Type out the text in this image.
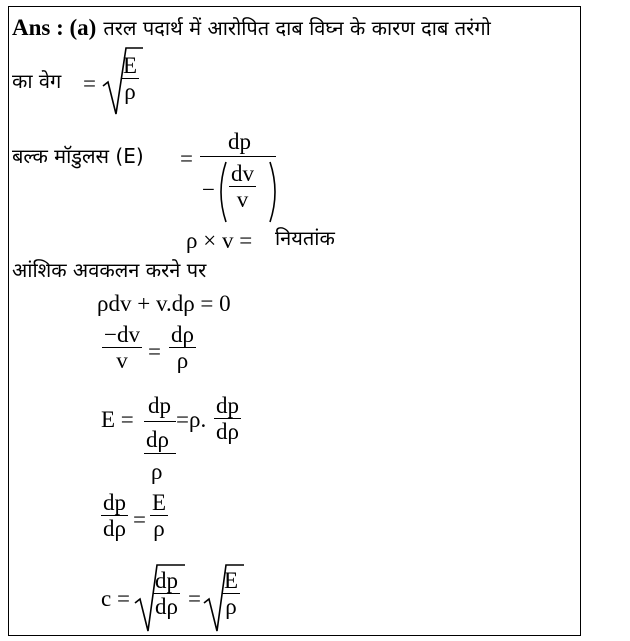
Ans : (a) तरल पदार्थ में आरोपित दाब विघ्न के कारण दाब तरंगो
का वेग =
E
ρ
बल्क मॉडुलस (E) =
dp
−
dv
v
ρ × v = नियतांक
आंशिक अवकलन करने पर
ρdv + v.dρ = 0
−dv
v =
dρ
ρ
E =
dp
dρ
ρ
=ρ.
dp
dρ
dp
dρ =
E
ρ
c =
dp
dρ =
E
ρ
